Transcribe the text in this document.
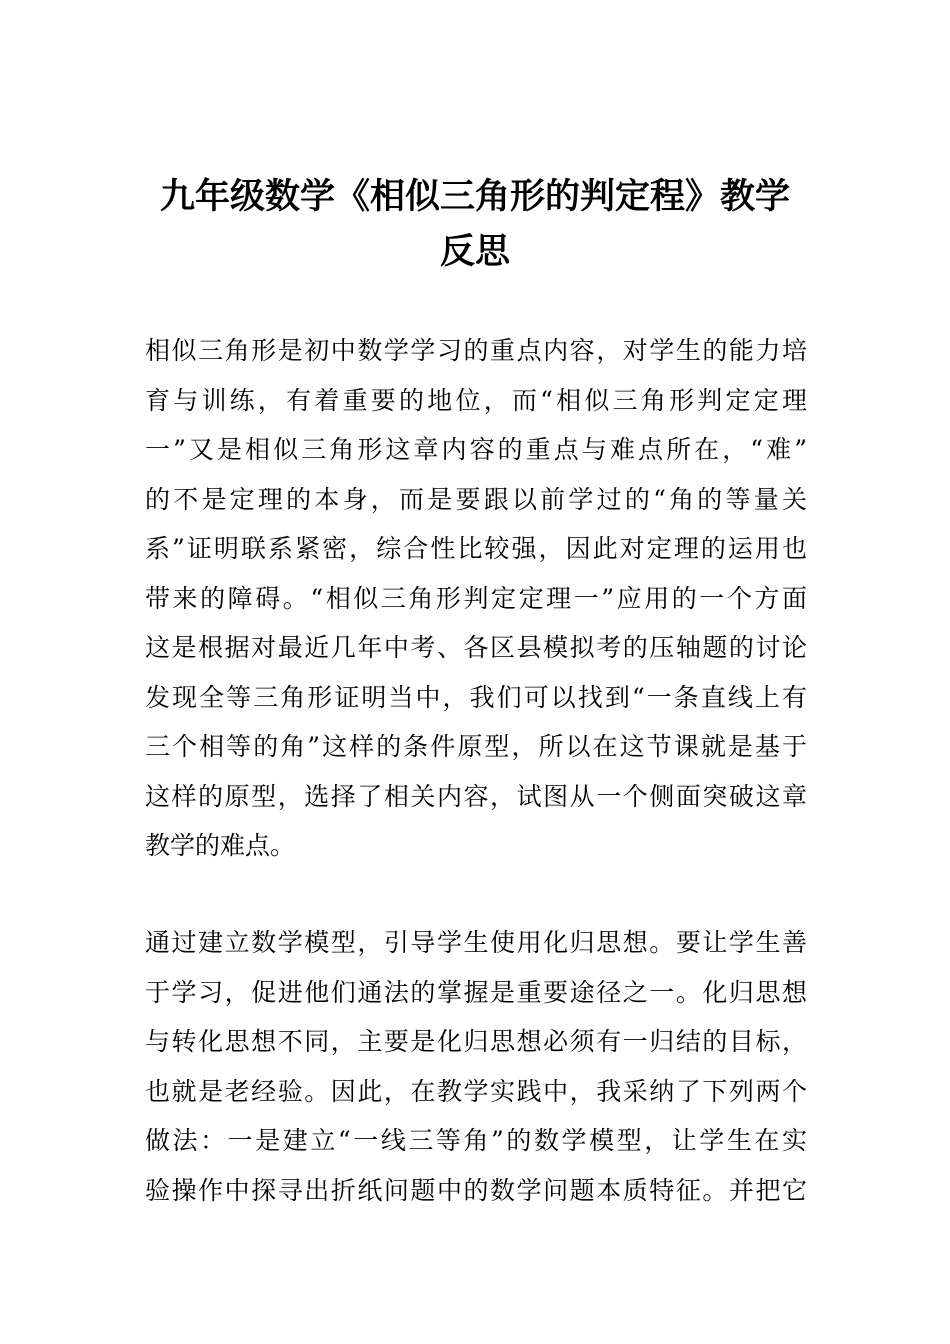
九年级数学《相似三角形的判定程》教学
反思
相似三角形是初中数学学习的重点内容，对学生的能力培
育与训练，有着重要的地位，而“相似三角形判定定理
一”又是相似三角形这章内容的重点与难点所在，“难”
的不是定理的本身，而是要跟以前学过的“角的等量关
系”证明联系紧密，综合性比较强，因此对定理的运用也
带来的障碍。“相似三角形判定定理一”应用的一个方面
这是根据对最近几年中考、各区县模拟考的压轴题的讨论
发现全等三角形证明当中，我们可以找到“一条直线上有
三个相等的角”这样的条件原型，所以在这节课就是基于
这样的原型，选择了相关内容，试图从一个侧面突破这章
教学的难点。
通过建立数学模型，引导学生使用化归思想。要让学生善
于学习，促进他们通法的掌握是重要途径之一。化归思想
与转化思想不同，主要是化归思想必须有一归结的目标，
也就是老经验。因此，在教学实践中，我采纳了下列两个
做法：一是建立“一线三等角”的数学模型，让学生在实
验操作中探寻出折纸问题中的数学问题本质特征。并把它
